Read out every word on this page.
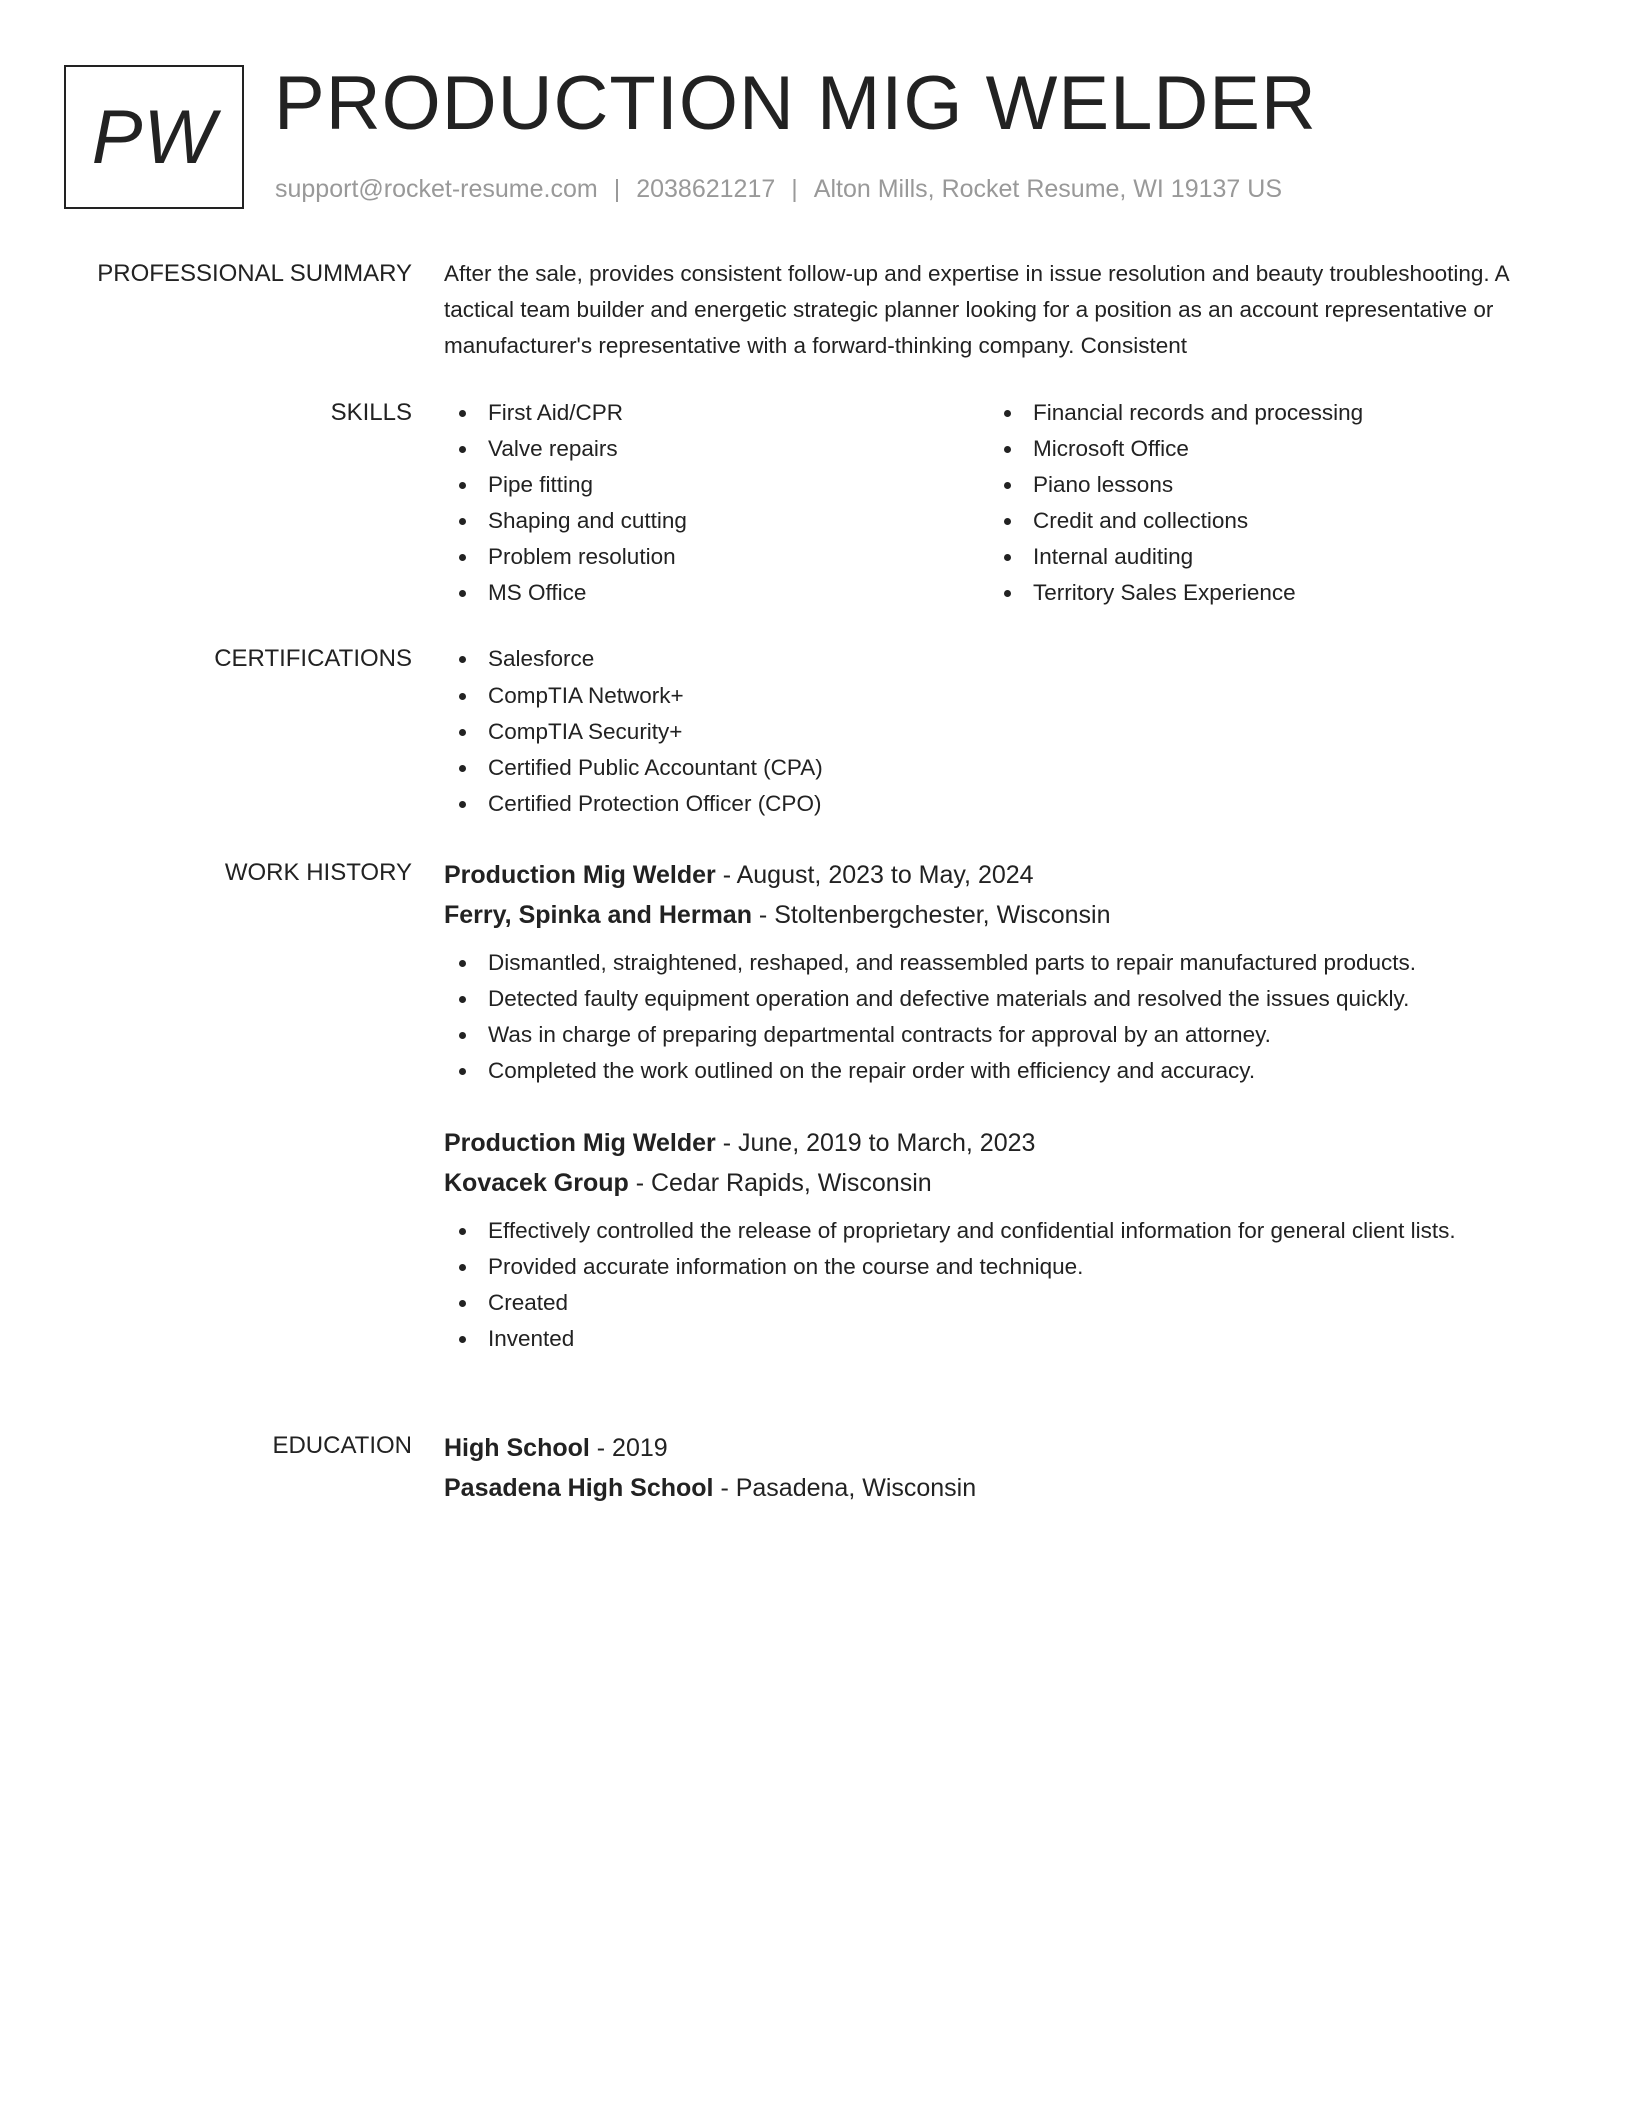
PW PRODUCTION MIG WELDER
support@rocket-resume.com | 2038621217 | Alton Mills, Rocket Resume, WI 19137 US
PROFESSIONAL SUMMARY After the sale, provides consistent follow-up and expertise in issue resolution and beauty troubleshooting. A tactical team builder and energetic strategic planner looking for a position as an account representative or manufacturer's representative with a forward-thinking company. Consistent

SKILLS	First Aid/CPR
Valve repairs
Pipe fitting
Shaping and cutting
Problem resolution
MS Office
Financial records and processing
Microsoft Office
Piano lessons
Credit and collections
Internal auditing
Territory Sales Experience
CERTIFICATIONS	Salesforce
CompTIA Network+
CompTIA Security+
Certified Public Accountant (CPA)
Certified Protection Officer (CPO)
WORK HISTORY Production Mig Welder - August, 2023 to May, 2024
Ferry, Spinka and Herman - Stoltenbergchester, Wisconsin
Dismantled, straightened, reshaped, and reassembled parts to repair manufactured products.
Detected faulty equipment operation and defective materials and resolved the issues quickly.
Was in charge of preparing departmental contracts for approval by an attorney.
Completed the work outlined on the repair order with efficiency and accuracy.
Production Mig Welder - June, 2019 to March, 2023
Kovacek Group - Cedar Rapids, Wisconsin
Effectively controlled the release of proprietary and confidential information for general client lists.
Provided accurate information on the course and technique.
Created
Invented
EDUCATION High School - 2019
Pasadena High School - Pasadena, Wisconsin
